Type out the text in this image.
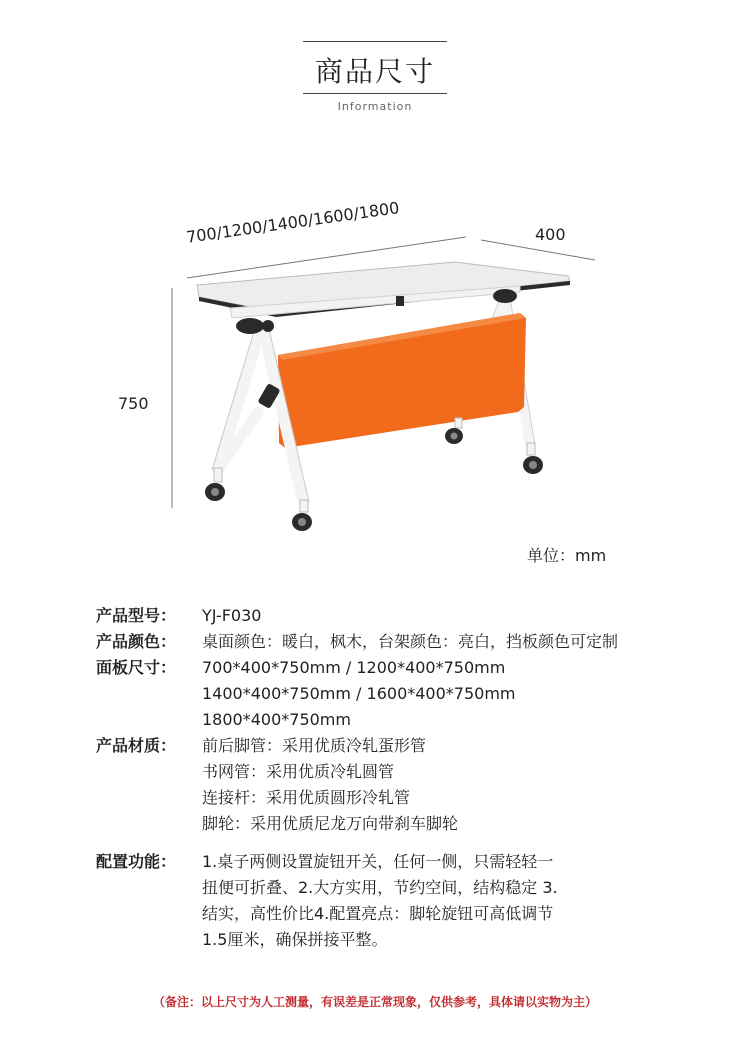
商品尺寸
Information
700/1200/1400/1600/1800	400
750
单位：mm
产品型号：	YJ-F030
产品颜色：	桌面颜色：暖白，枫木，台架颜色：亮白，挡板颜色可定制
面板尺寸：	700*400*750mm / 1200*400*750mm
1400*400*750mm / 1600*400*750mm
1800*400*750mm
产品材质：	前后脚管：采用优质冷轧蛋形管
书网管：采用优质冷轧圆管
连接杆：采用优质圆形冷轧管
脚轮：采用优质尼龙万向带刹车脚轮
配置功能：	1.桌子两侧设置旋钮开关，任何一侧，只需轻轻一
扭便可折叠、2.大方实用，节约空间，结构稳定 3.
结实，高性价比4.配置亮点：脚轮旋钮可高低调节
1.5厘米，确保拼接平整。
（备注：以上尺寸为人工测量，有误差是正常现象，仅供参考，具体请以实物为主）
